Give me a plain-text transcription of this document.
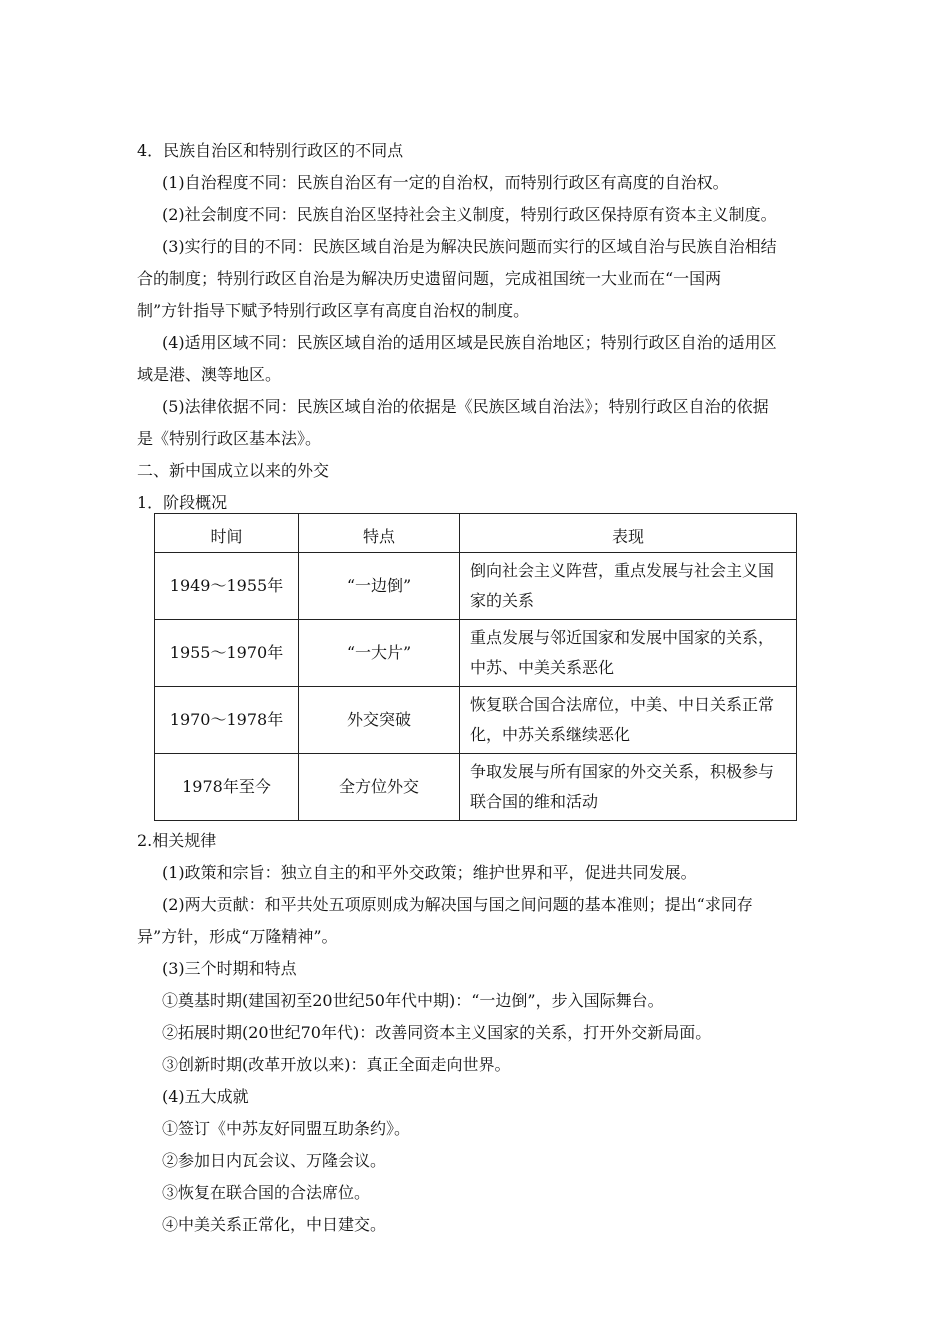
4．民族自治区和特别行政区的不同点
(1)自治程度不同：民族自治区有一定的自治权，而特别行政区有高度的自治权。
(2)社会制度不同：民族自治区坚持社会主义制度，特别行政区保持原有资本主义制度。
(3)实行的目的不同：民族区域自治是为解决民族问题而实行的区域自治与民族自治相结
合的制度；特别行政区自治是为解决历史遗留问题，完成祖国统一大业而在“一国两
制”方针指导下赋予特别行政区享有高度自治权的制度。
(4)适用区域不同：民族区域自治的适用区域是民族自治地区；特别行政区自治的适用区
域是港、澳等地区。
(5)法律依据不同：民族区域自治的依据是《民族区域自治法》；特别行政区自治的依据
是《特别行政区基本法》。
二、新中国成立以来的外交
1．阶段概况
时间	特点	表现
1949～1955年	“一边倒”	倒向社会主义阵营，重点发展与社会主义国
家的关系

1955～1970年	“一大片”	重点发展与邻近国家和发展中国家的关系，
中苏、中美关系恶化

1970～1978年	外交突破	恢复联合国合法席位，中美、中日关系正常
化，中苏关系继续恶化

1978年至今	全方位外交	争取发展与所有国家的外交关系，积极参与
联合国的维和活动
2.相关规律
(1)政策和宗旨：独立自主的和平外交政策；维护世界和平，促进共同发展。
(2)两大贡献：和平共处五项原则成为解决国与国之间问题的基本准则；提出“求同存
异”方针，形成“万隆精神”。
(3)三个时期和特点
①奠基时期(建国初至20世纪50年代中期)：“一边倒”，步入国际舞台。
②拓展时期(20世纪70年代)：改善同资本主义国家的关系，打开外交新局面。
③创新时期(改革开放以来)：真正全面走向世界。
(4)五大成就
①签订《中苏友好同盟互助条约》。
②参加日内瓦会议、万隆会议。
③恢复在联合国的合法席位。
④中美关系正常化，中日建交。
